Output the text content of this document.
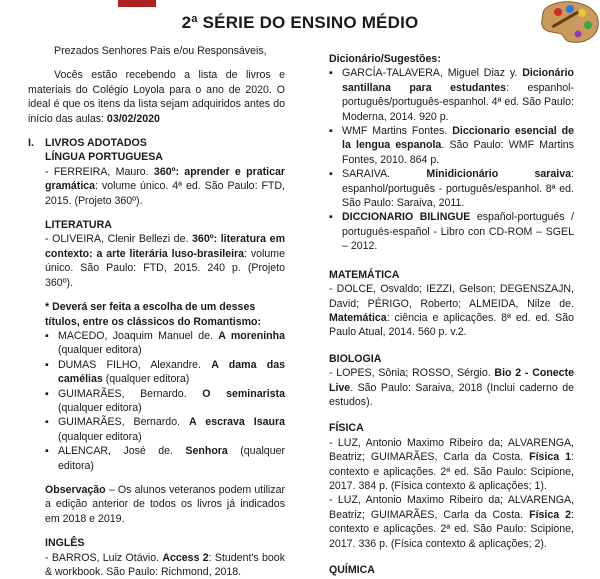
2ª SÉRIE DO ENSINO MÉDIO

Prezados Senhores Pais e/ou Responsáveis,

Vocês estão recebendo a lista de livros e materiais do Colégio Loyola para o ano de 2020. O ideal é que os itens da lista sejam adquiridos antes do início das aulas: 03/02/2020

I.	LIVROS ADOTADOS

LÍNGUA PORTUGUESA

- FERREIRA, Mauro. 360º: aprender e praticar gramática: volume único. 4ª ed. São Paulo: FTD, 2015. (Projeto 360º).

LITERATURA

- OLIVEIRA, Clenir Bellezi de. 360º: literatura em contexto: a arte literária luso-brasileira: volume único. São Paulo: FTD, 2015. 240 p. (Projeto 360º).

* Deverá ser feita a escolha de um desses títulos, entre os clássicos do Romantismo:

▪ MACEDO, Joaquim Manuel de. A moreninha (qualquer editora)
▪ DUMAS FILHO, Alexandre. A dama das camélias (qualquer editora)
▪ GUIMARÃES, Bernardo. O seminarista (qualquer editora)
▪ GUIMARÃES, Bernardo. A escrava Isaura (qualquer editora)
▪ ALENCAR, José de. Senhora (qualquer editora)

Observação – Os alunos veteranos podem utilizar a edição anterior de todos os livros já indicados em 2018 e 2019.

INGLÊS

- BARROS, Luiz Otávio. Access 2: Student's book & workbook. São Paulo: Richmond, 2018.

Dicionário/Sugestões:

▪ GARCÍA-TALAVERA, Miguel Diaz y. Dicionário santillana para estudantes: espanhol-português/português-espanhol. 4ª ed. São Paulo: Moderna, 2014. 920 p.
▪ WMF Martins Fontes. Diccionario esencial de la lengua espanola. São Paulo: WMF Martins Fontes, 2010. 864 p.
▪ SARAIVA. Minidicionário saraiva: espanhol/português - português/espanhol. 8ª ed. São Paulo: Saraiva, 2011.
▪ DICCIONARIO BILINGUE español-portugués / portugués-español - Libro con CD-ROM – SGEL – 2012.

MATEMÁTICA

- DOLCE, Osvaldo; IEZZI, Gelson; DEGENSZAJN, David; PÉRIGO, Roberto; ALMEIDA, Nilze de. Matemática: ciência e aplicações. 8ª ed. ed. São Paulo Atual, 2014. 560 p. v.2.

BIOLOGIA

- LOPES, Sônia; ROSSO, Sérgio. Bio 2 - Conecte Live. São Paulo: Saraiva, 2018 (Inclui caderno de estudos).

FÍSICA

- LUZ, Antonio Maximo Ribeiro da; ALVARENGA, Beatriz; GUIMARÃES, Carla da Costa. Física 1: contexto e aplicações. 2ª ed. São Paulo: Scipione, 2017. 384 p. (Física contexto & aplicações; 1).

- LUZ, Antonio Maximo Ribeiro da; ALVARENGA, Beatriz; GUIMARÃES, Carla da Costa. Física 2: contexto e aplicações. 2ª ed. São Paulo: Scipione, 2017. 336 p. (Física contexto & aplicações; 2).

QUÍMICA
